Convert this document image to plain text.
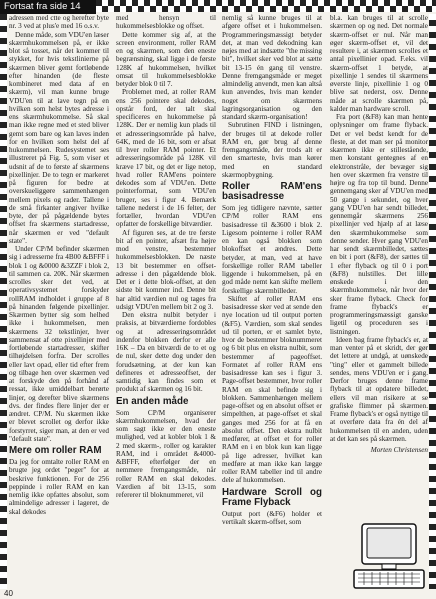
Fortsat fra side 14

adressen med ctte og herefter byte nr. 3 ved at plus'e med 16 o.s.v.

Denne måde, som VDU'en læser skærmhukommelsen på, er ikke blot så tosset, når det kommer til stykket, for hvis tekstlinierne på skærmen bliver gemt fortløbende efter hinanden (de fleste kombineret med data af en skærm), vil man kunne bruge VDU'en til at lave tegn på en hvilken som helst bytes adresse i ens skærmhukommelse. Så skal man ikke regne med et sted bliver gemt som bare og kan laves inden for en hvilken som helst del af hukommelsen. Rudesystemet ses illustreret på Fig. 5, som viser et udsnit af de to første af skærmens pixellinjer. De to tegn er markeret på figuren for bedre at overskueliggøre sammenhængen mellem pixels og rader. Tallene i de små firkanter angiver hvilke byte, der på pågældende bytes offset fra skærmens startadresse, når skærmen er ved "default state".

Under CP/M befinder skærmen sig i adresserne fra 4B00 &BFFF i blok 1 og &0000 &3ZZF i blok 2, til sammen ca. 20K. Når skærmen scrolles sker det ved, at operativsystemet forskyder rollRAM indholdet i gruppe af 8 på hinanden følgende pixellinjer. Skærmen bytter sig som helhed ikke i hukommelsen, men skærmens 32 tekstlinjer, hver sammensat af otte pixellinjer med fortløbende startadresser, skifter tilhøjdelsen forfra. Der scrolles eller lavt opad, eller tid efter frem og tilbage hen over skærmen ved at forskyde den på forhånd af ressat, ikke umiddelbart berørte linjer, og derefter blive skærmens dvs. der findes flere linjer der er ændret. CP/M. Nu skærmen ikke er blevet scrollet og derfor ikke forstyrret, siger man, at den er ved "default state".

Mere om roller RAM

Da jeg for omtalte roller RAM en brugte jeg ordet "peger" for at beskrive funktionen. For de 256 peppinde i roller RAM en kan nemlig ikke opfattes absolut, som almindelige adresser i lageret, de skal dekodes

med hensyn til hukommelsesblokke og offset.

Dette kommer sig af, at the screen environment, roller RAM en og skærmen, som den eneste begrænsning, skal ligge i de første 128K af hukommelsen, hvilket omsat til hukommelsesblokke betyder blok 0 til 7.

Problemet med, at roller RAM ens 256 pointere skal dekodes, opstår ford, der talt skal specificeres en hukommelse på 128K. Der er nemlig kun plads til et adresseringsområde på halve, 64K, med de 16 bit, som er afsat til hver roller RAM pointer. Et adresseringsområde på 128K vil kræve 17 bit, og det er lige netop, hvad roller RAM'ens pointere dekodes som af VDU'en. Dette pointerformat, som VDU'en bruger, ses i figur 4. Bemærk tallene nederst i de 16 felter, der fortæller, hvordan VDU'en opfatter de forskellige bitværdier.

Af figuren ses, at de tre første bit af en pointer, afsæt fra højre mod venstre, bestemmer hukommelsesblokken. De næste 13 bit bestemmer en offset-adresse i den pågældende blok. Det er i dette blok-offset, at den sidste bit kommer ind. Denne bit har altid værdien nul og tages fra udsigt VDU'en mellem bit 2 og 3.

Den ekstra nulbit betyder i praksis, at bitværdierne fordobles og at adresseringsområdet indenfor blokken derfor er alle 16K – Da en bitværdi de to et og de nul, sker dette dog under den forudsætning, at der kun kan defineres et adresseoffset, der samtidig kan findes som et produkt af skærmen og 16 bit.

En anden måde

Som CP/M organiserer skærmhukommelsen, hvad der som sagt ikke er den eneste mulighed, ved at kobler blok 1 & 2 med skærm-, roller og karakter RAM, ind i området &4000-&BFFF, efterfølger der en nemmere fremgangsmåde, når roller RAM en skal dekodes. Værdien af bit 13-15, som refererer til bloknummeret, vil

nemlig så kunne bruges til at afgøre offset et i hukommelsen. Programmeringsmæssigt betyder det, at man ved dekodning kan nøjes med at indsætte "the missing bit", hvilket sker ved blot at sætte bit 13-15 én gang til venstre. Denne fremgangsmåde er meget almindelig anvendt, men kan altså kun anvendes, hvis man kender noget om skærmens lagringsorganisation og den standard skærm-organisation!

Subrutinen FIND i listningen, der bruges til at dekode roller RAM en, gør brug af denne fremgangsmåde, der trods alt er den smarteste, hvis man kører med en standard skærmopbygning.

Roller RAM'ens basisadresse

Som jeg tidligere nævnte, sætter CP/M roller RAM ens basisadresse til &3600 i blok 2. Ligesom pointerne i roller RAM en kan også blokken som blokoffset et ændres. Dette betyder, at man, ved at have forskellige roller RAM tabeller liggende i hukommelsen, på en god måde nemt kan skifte mellem forskellige skærmbilleder.

Skiftet af roller RAM ens basisadresse sker ved at sende den nye location ud til output porten (&F5). Værdien, som skal sendes ud til porten, er et samlet byte, hvor de bestemmer bloknummeret og 6 bit plus en ekstra nulbit, som bestemmer af pageoffset. Formatet af roller RAM ens basisadresse kan ses i figur 3. Page-offset bestemmer, hvor roller RAM en skal befinde sig i blokken. Sammenhængen mellem page-offset og en absolut offset er simpelthen, at page-offset et skal ganges med 256 for at få en absolut offset. Den ekstra nulbit medfører, at offset et for roller RAM en i en blok kun kan ligge på lige adresser, hvilket kan medføre at man ikke kan lægge roller RAM tabeller ind til andre dele af hukommelsen.

Hardware Scroll og Frame Flyback

Output port (&F6) holder et vertikalt skærm-offset, som

bl.a. kan bruges til at scrolle skærmen op og ned. Det normale skærm-offset er nul. Når man øger skærm-offset et, vil det resultere i, at skærmen scrolles et antal pixellinier opad. F.eks. vil skærm-offset 1 betyde, at pixellinje 1 sendes til skærmens øverste linje, pixellinie 1 og 0 blive sat nederst, osv. Denne måde at scrolle skærmen på, kalder man hardware scroll.

Fra port (&F8) kan man hente oplysninger om frame flyback. Det er vel bedst kendt for de fleste, at det man ser på monitor skærmen ikke er stillestående, men konstant gentegnes af en elektronstråle, der bevæger sig hen over skærmen fra venstre til højre og fra top til bund. Denne gennemgang sker af VDU'en med 50 gange i sekundet, og hver gang VDU'en har sendt billedet, gennemgår skærmens 256 pixellinjer ved hjælp af at læse den skærmhukommelse som denne sender. Hver gang VDU'en har sendt skærmbilledet, sættes en bit i port (&F8), der sættes til 1 efter flyback og til 0 i port (&F8) nulstilles. Det lille ønskede i den skærmhukommelse, når hvor der sker frame flyback. Check for frame flyback's er programmeringsmæssigt ganske ligetil og proceduren ses i listningen.

Ideen bag frame flyback's er, at man venter på et skridt, der gør det lettere at undgå, at uønskede "ting" eller et gammelt billede sendes, mens VDU'en er i gang. Derfor bruges denne frame flyback til at opdatere billedet, ellers vil man risikere at se grafiske flimmer på skærmen. Frame flyback's er også nyttige til at overføre data fra én del af hukommelsen til en anden, uden at det kan ses på skærmen.

Morten Christensen
40
